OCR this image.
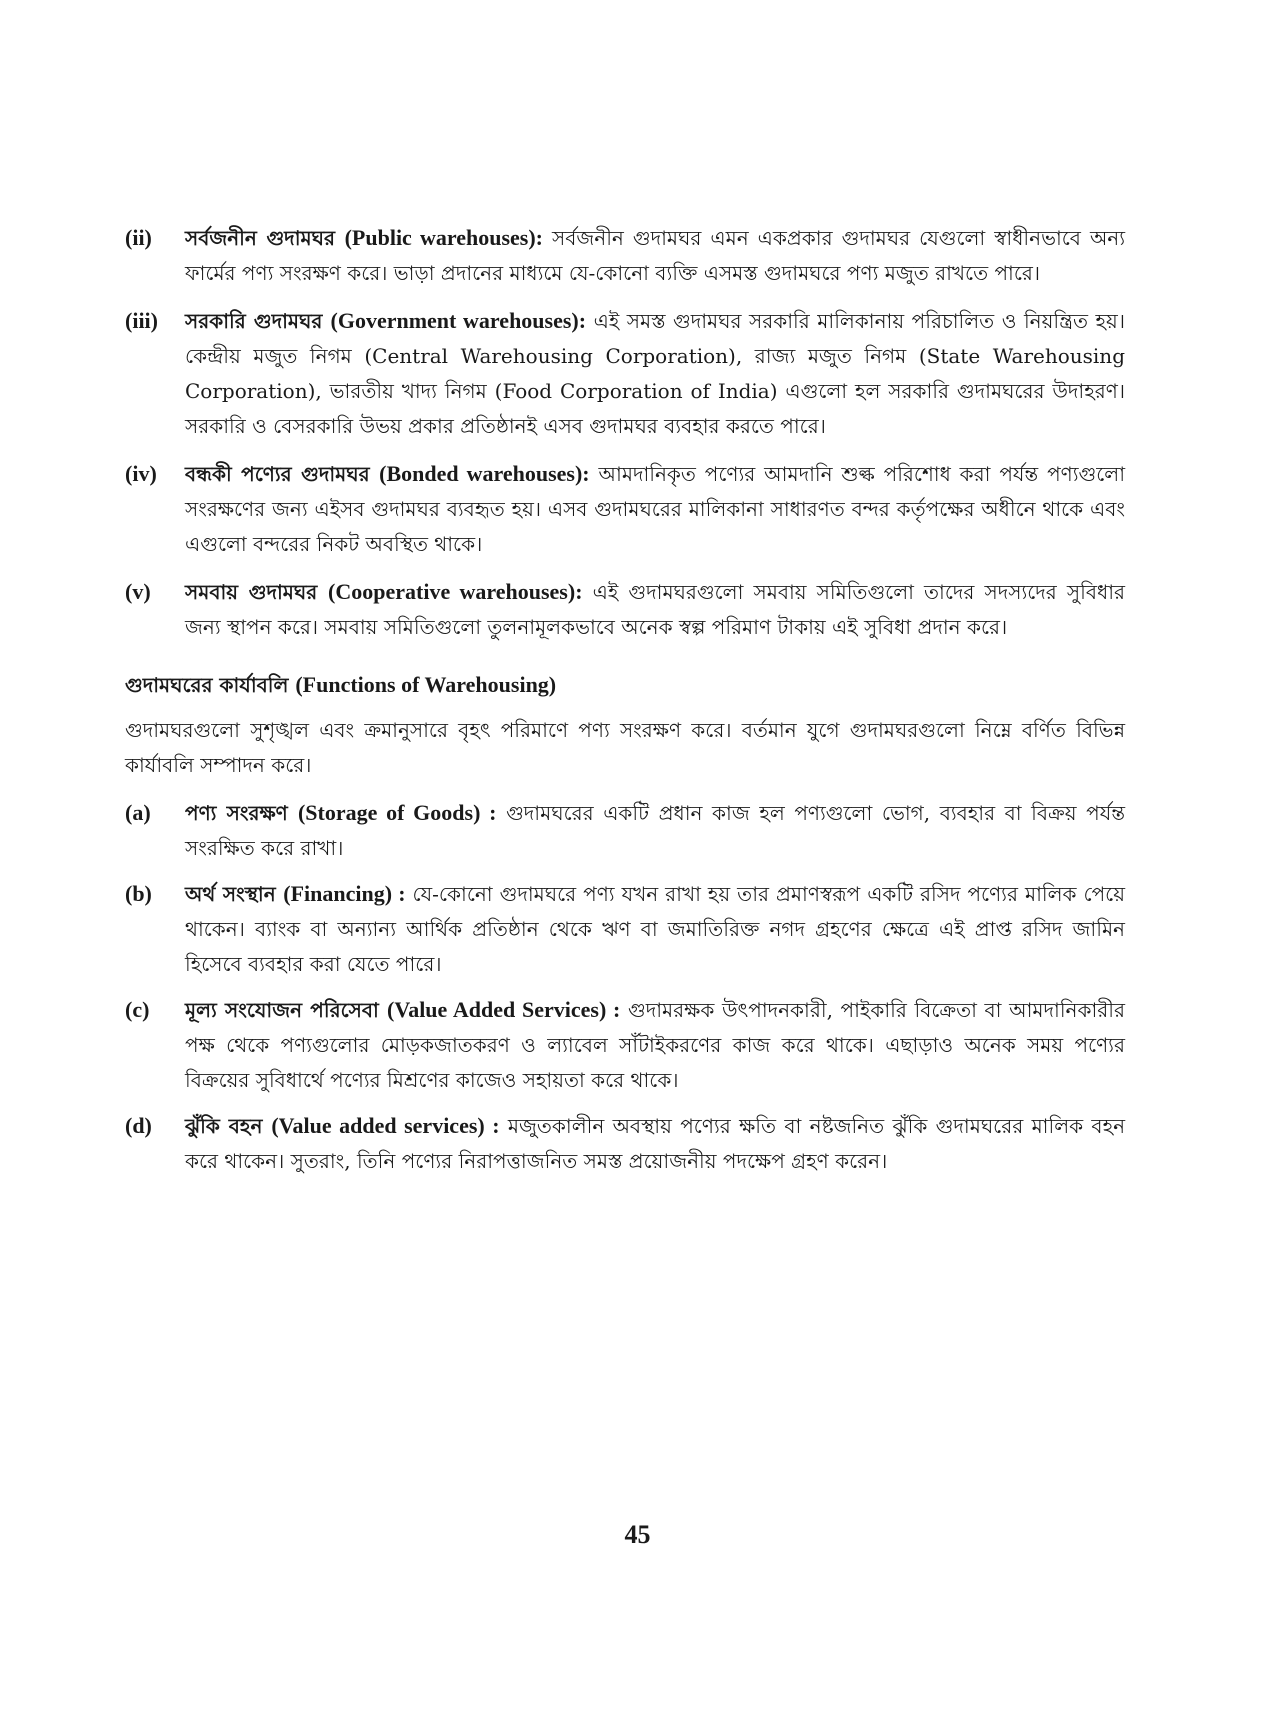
(ii)	সর্বজনীন গুদামঘর (Public warehouses): সর্বজনীন গুদামঘর এমন একপ্রকার গুদামঘর যেগুলো স্বাধীনভাবে অন্য ফার্মের পণ্য সংরক্ষণ করে। ভাড়া প্রদানের মাধ্যমে যে-কোনো ব্যক্তি এসমস্ত গুদামঘরে পণ্য মজুত রাখতে পারে।
(iii)	সরকারি গুদামঘর (Government warehouses): এই সমস্ত গুদামঘর সরকারি মালিকানায় পরিচালিত ও নিয়ন্ত্রিত হয়। কেন্দ্রীয় মজুত নিগম (Central Warehousing Corporation), রাজ্য মজুত নিগম (State Warehousing Corporation), ভারতীয় খাদ্য নিগম (Food Corporation of India) এগুলো হল সরকারি গুদামঘরের উদাহরণ। সরকারি ও বেসরকারি উভয় প্রকার প্রতিষ্ঠানই এসব গুদামঘর ব্যবহার করতে পারে।
(iv)	বন্ধকী পণ্যের গুদামঘর (Bonded warehouses): আমদানিকৃত পণ্যের আমদানি শুল্ক পরিশোধ করা পর্যন্ত পণ্যগুলো সংরক্ষণের জন্য এইসব গুদামঘর ব্যবহৃত হয়। এসব গুদামঘরের মালিকানা সাধারণত বন্দর কর্তৃপক্ষের অধীনে থাকে এবং এগুলো বন্দরের নিকট অবস্থিত থাকে।
(v)	সমবায় গুদামঘর (Cooperative warehouses): এই গুদামঘরগুলো সমবায় সমিতিগুলো তাদের সদস্যদের সুবিধার জন্য স্থাপন করে। সমবায় সমিতিগুলো তুলনামূলকভাবে অনেক স্বল্প পরিমাণ টাকায় এই সুবিধা প্রদান করে।
গুদামঘরের কার্যাবলি (Functions of Warehousing)
গুদামঘরগুলো সুশৃঙ্খল এবং ক্রমানুসারে বৃহৎ পরিমাণে পণ্য সংরক্ষণ করে। বর্তমান যুগে গুদামঘরগুলো নিম্নে বর্ণিত বিভিন্ন কার্যাবলি সম্পাদন করে।
(a)	পণ্য সংরক্ষণ (Storage of Goods) : গুদামঘরের একটি প্রধান কাজ হল পণ্যগুলো ভোগ, ব্যবহার বা বিক্রয় পর্যন্ত সংরক্ষিত করে রাখা।
(b)	অর্থ সংস্থান (Financing) : যে-কোনো গুদামঘরে পণ্য যখন রাখা হয় তার প্রমাণস্বরূপ একটি রসিদ পণ্যের মালিক পেয়ে থাকেন। ব্যাংক বা অন্যান্য আর্থিক প্রতিষ্ঠান থেকে ঋণ বা জমাতিরিক্ত নগদ গ্রহণের ক্ষেত্রে এই প্রাপ্ত রসিদ জামিন হিসেবে ব্যবহার করা যেতে পারে।
(c)	মূল্য সংযোজন পরিসেবা (Value Added Services) : গুদামরক্ষক উৎপাদনকারী, পাইকারি বিক্রেতা বা আমদানিকারীর পক্ষ থেকে পণ্যগুলোর মোড়কজাতকরণ ও ল্যাবেল সাঁটাইকরণের কাজ করে থাকে। এছাড়াও অনেক সময় পণ্যের বিক্রয়ের সুবিধার্থে পণ্যের মিশ্রণের কাজেও সহায়তা করে থাকে।
(d)	ঝুঁকি বহন (Value added services) : মজুতকালীন অবস্থায় পণ্যের ক্ষতি বা নষ্টজনিত ঝুঁকি গুদামঘরের মালিক বহন করে থাকেন। সুতরাং, তিনি পণ্যের নিরাপত্তাজনিত সমস্ত প্রয়োজনীয় পদক্ষেপ গ্রহণ করেন।
45
